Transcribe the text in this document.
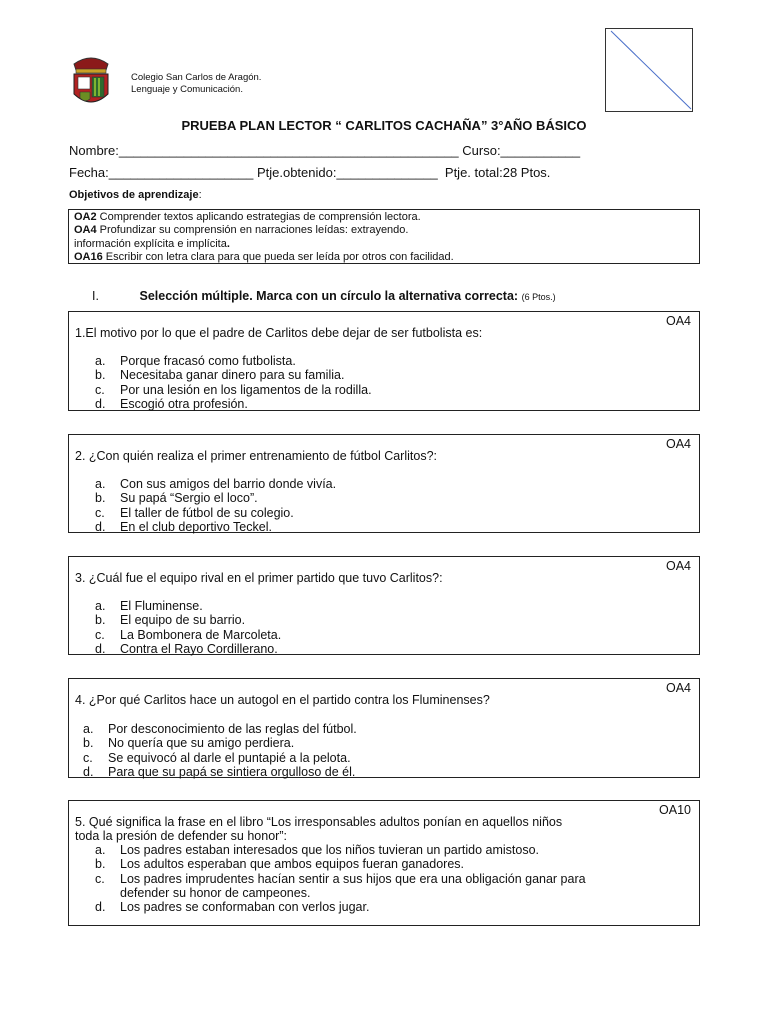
Colegio San Carlos de Aragón.
Lenguaje y Comunicación.
PRUEBA PLAN LECTOR “ CARLITOS CACHAÑA” 3°AÑO BÁSICO
Nombre:_______________________________________________ Curso:___________
Fecha:____________________ Ptje.obtenido:______________  Ptje. total:28 Ptos.
Objetivos de aprendizaje:
OA2 Comprender textos aplicando estrategias de comprensión lectora.
OA4 Profundizar su comprensión en narraciones leídas: extrayendo.
información explícita e implícita.
OA16 Escribir con letra clara para que pueda ser leída por otros con facilidad.
I.	Selección múltiple. Marca con un círculo la alternativa correcta: (6 Ptos.)
OA4
1.El motivo por lo que el padre de Carlitos debe dejar de ser futbolista es:
a. Porque fracasó como futbolista.
b. Necesitaba ganar dinero para su familia.
c. Por una lesión en los ligamentos de la rodilla.
d. Escogió otra profesión.
OA4
2. ¿Con quién realiza el primer entrenamiento de fútbol Carlitos?:
a. Con sus amigos del barrio donde vivía.
b. Su papá “Sergio el loco”.
c. El taller de fútbol de su colegio.
d. En el club deportivo Teckel.
OA4
3. ¿Cuál fue el equipo rival en el primer partido que tuvo Carlitos?:
a. El Fluminense.
b. El equipo de su barrio.
c. La Bombonera de Marcoleta.
d. Contra el Rayo Cordillerano.
OA4
4. ¿Por qué Carlitos hace un autogol en el partido contra los Fluminenses?
a. Por desconocimiento de las reglas del fútbol.
b. No quería que su amigo perdiera.
c. Se equivocó al darle el puntapié a la pelota.
d. Para que su papá se sintiera orgulloso de él.
OA10
5. Qué significa la frase en el libro “Los irresponsables adultos ponían en aquellos niños
toda la presión de defender su honor”:
a. Los padres estaban interesados que los niños tuvieran un partido amistoso.
b. Los adultos esperaban que ambos equipos fueran ganadores.
c. Los padres imprudentes hacían sentir a sus hijos que era una obligación ganar para
defender su honor de campeones.
d. Los padres se conformaban con verlos jugar.
